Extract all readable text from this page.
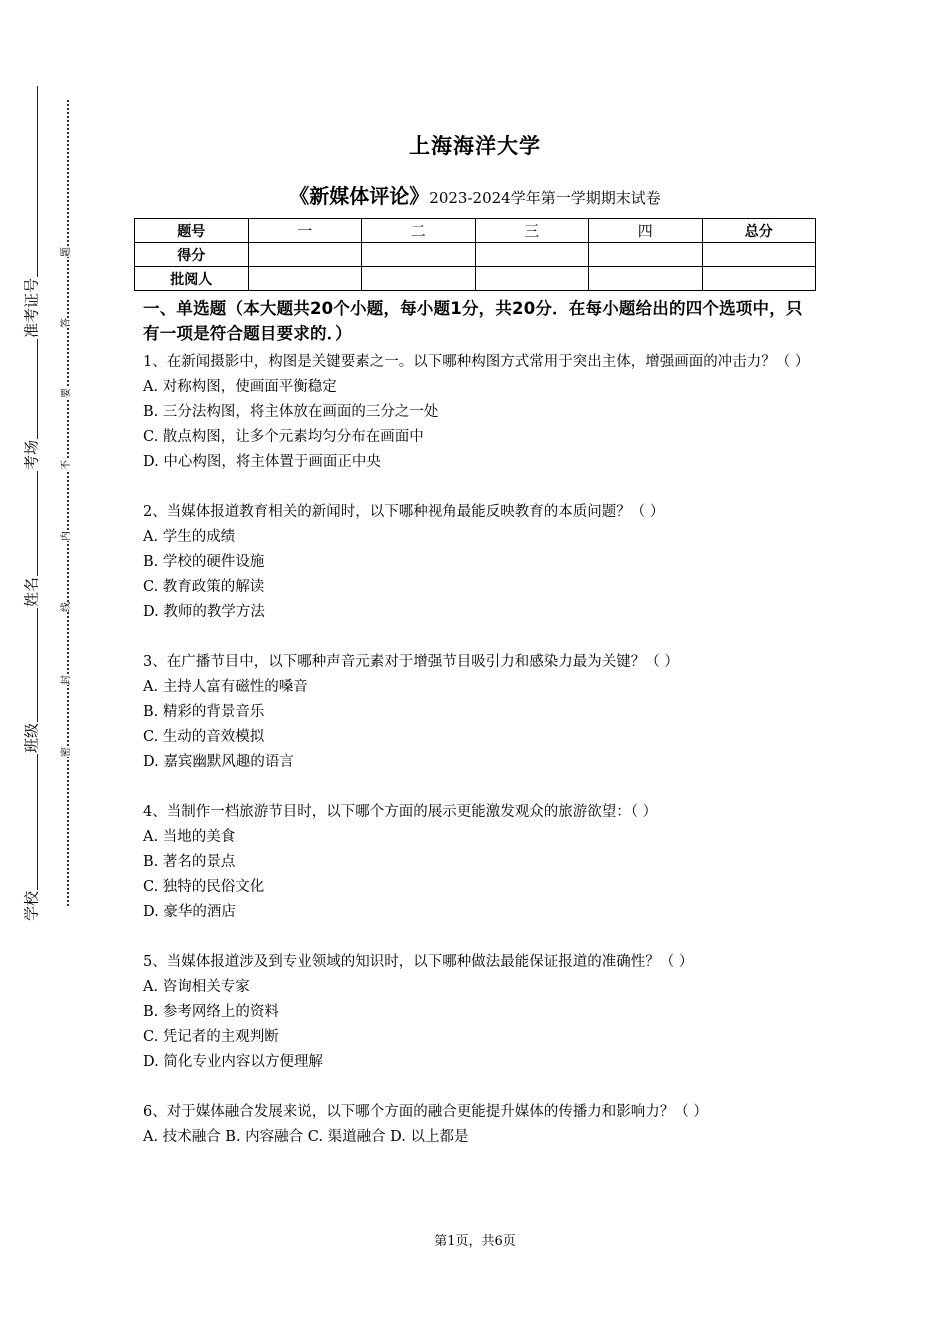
准考证号
考场
姓名
班级
学校
题
答
要
不
内
线
封
密
上海海洋大学
《新媒体评论》2023-2024学年第一学期期末试卷
题号	一	二	三	四	总分
得分					
批阅人					
一、单选题（本大题共20个小题，每小题1分，共20分．在每小题给出的四个选项中，只有一项是符合题目要求的．）
1、在新闻摄影中，构图是关键要素之一。以下哪种构图方式常用于突出主体，增强画面的冲击力？（ ）
A. 对称构图，使画面平衡稳定
B. 三分法构图，将主体放在画面的三分之一处
C. 散点构图，让多个元素均匀分布在画面中
D. 中心构图，将主体置于画面正中央
2、当媒体报道教育相关的新闻时，以下哪种视角最能反映教育的本质问题？（ ）
A. 学生的成绩
B. 学校的硬件设施
C. 教育政策的解读
D. 教师的教学方法
3、在广播节目中，以下哪种声音元素对于增强节目吸引力和感染力最为关键？（ ）
A. 主持人富有磁性的嗓音
B. 精彩的背景音乐
C. 生动的音效模拟
D. 嘉宾幽默风趣的语言
4、当制作一档旅游节目时，以下哪个方面的展示更能激发观众的旅游欲望：（ ）
A. 当地的美食
B. 著名的景点
C. 独特的民俗文化
D. 豪华的酒店
5、当媒体报道涉及到专业领域的知识时，以下哪种做法最能保证报道的准确性？（ ）
A. 咨询相关专家
B. 参考网络上的资料
C. 凭记者的主观判断
D. 简化专业内容以方便理解
6、对于媒体融合发展来说，以下哪个方面的融合更能提升媒体的传播力和影响力？（ ）
A. 技术融合 B. 内容融合 C. 渠道融合 D. 以上都是
第1页，共6页
